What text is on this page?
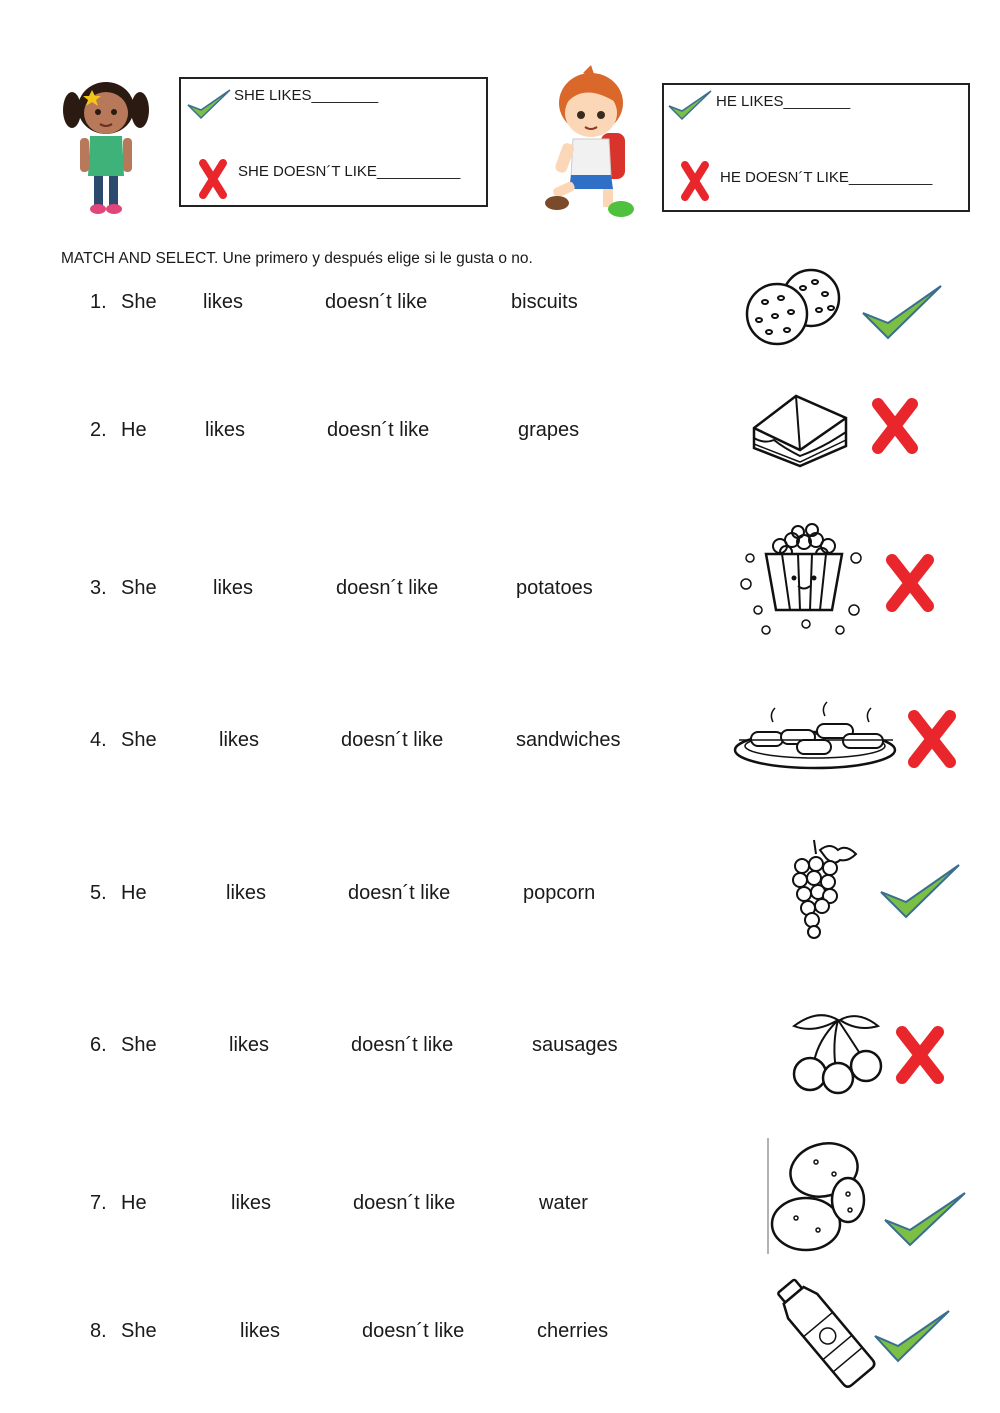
SHE LIKES________
SHE DOESN´T LIKE__________
HE LIKES________
HE DOESN´T LIKE__________
MATCH AND SELECT. Une primero y después elige si le gusta o no.
1. She likes	doesn´t like	biscuits
2. He	likes	doesn´t like	grapes
3. She	likes	doesn´t like	potatoes
4. She	likes	doesn´t like	sandwiches
5. He	likes	doesn´t like	popcorn
6. She	likes	doesn´t like	sausages
7. He	likes	doesn´t like	water
8. She	likes	doesn´t like	cherries
